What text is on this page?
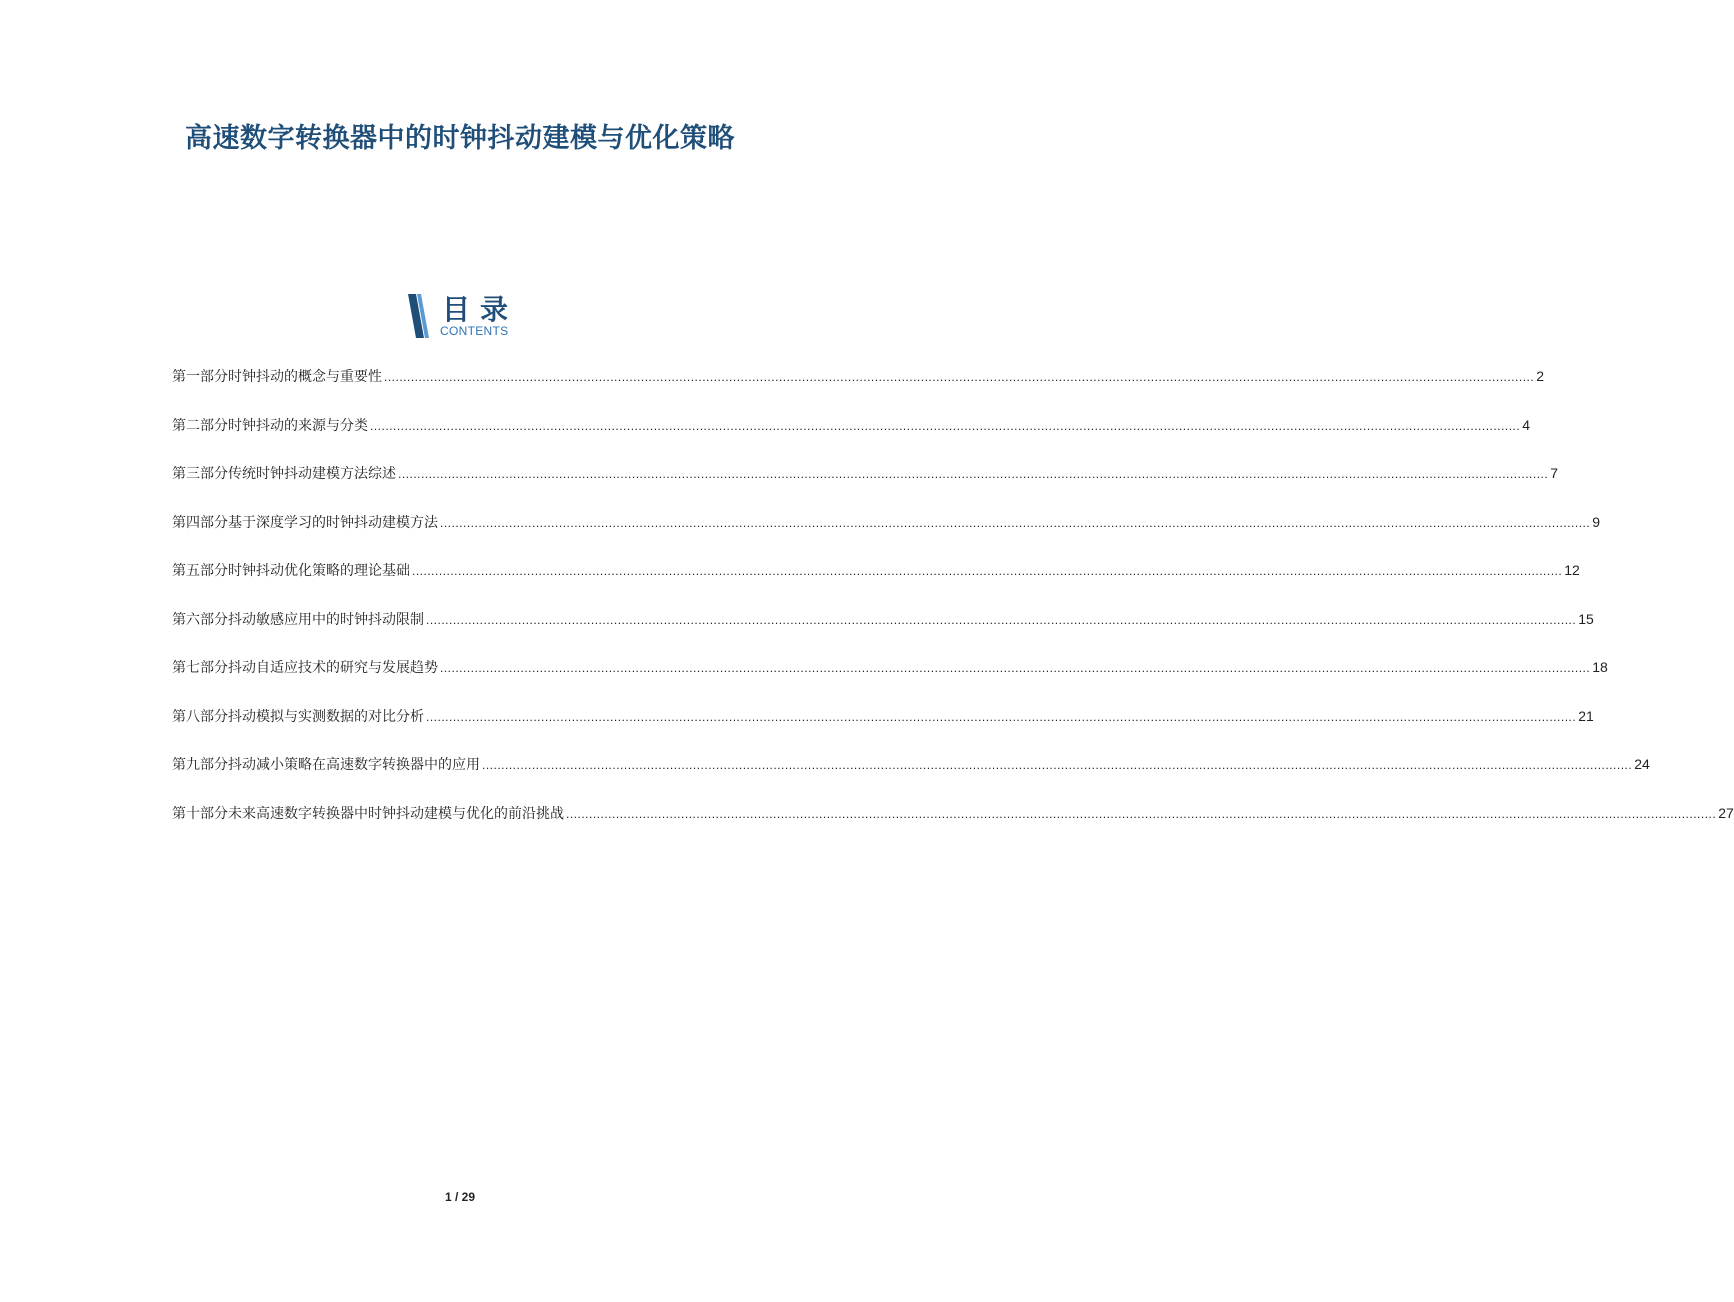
高速数字转换器中的时钟抖动建模与优化策略
目录
CONTENTS
第一部分 时钟抖动的概念与重要性 ............................................................................................................................................................................................................................................................................................................ 2
第二部分 时钟抖动的来源与分类 ............................................................................................................................................................................................................................................................................................................ 4
第三部分 传统时钟抖动建模方法综述 ............................................................................................................................................................................................................................................................................................................ 7
第四部分 基于深度学习的时钟抖动建模方法 ............................................................................................................................................................................................................................................................................................................ 9
第五部分 时钟抖动优化策略的理论基础 ............................................................................................................................................................................................................................................................................................................ 12
第六部分 抖动敏感应用中的时钟抖动限制 ............................................................................................................................................................................................................................................................................................................ 15
第七部分 抖动自适应技术的研究与发展趋势 ............................................................................................................................................................................................................................................................................................................ 18
第八部分 抖动模拟与实测数据的对比分析 ............................................................................................................................................................................................................................................................................................................ 21
第九部分 抖动减小策略在高速数字转换器中的应用 ............................................................................................................................................................................................................................................................................................................ 24
第十部分 未来高速数字转换器中时钟抖动建模与优化的前沿挑战 ............................................................................................................................................................................................................................................................................................................ 27
1 / 29
